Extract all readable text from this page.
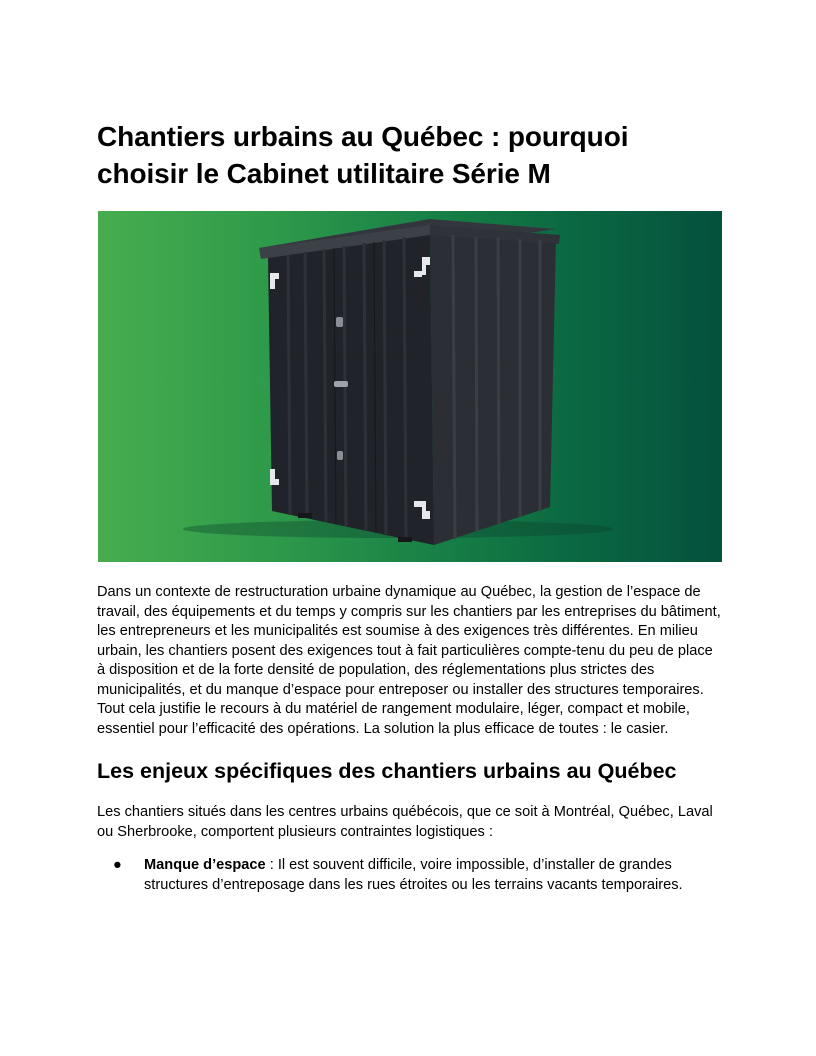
Chantiers urbains au Québec : pourquoi choisir le Cabinet utilitaire Série M

Dans un contexte de restructuration urbaine dynamique au Québec, la gestion de l’espace de travail, des équipements et du temps y compris sur les chantiers par les entreprises du bâtiment, les entrepreneurs et les municipalités est soumise à des exigences très différentes. En milieu urbain, les chantiers posent des exigences tout à fait particulières compte-tenu du peu de place à disposition et de la forte densité de population, des réglementations plus strictes des municipalités, et du manque d’espace pour entreposer ou installer des structures temporaires. Tout cela justifie le recours à du matériel de rangement modulaire, léger, compact et mobile, essentiel pour l’efficacité des opérations. La solution la plus efficace de toutes : le casier.

Les enjeux spécifiques des chantiers urbains au Québec

Les chantiers situés dans les centres urbains québécois, que ce soit à Montréal, Québec, Laval ou Sherbrooke, comportent plusieurs contraintes logistiques :

● Manque d’espace : Il est souvent difficile, voire impossible, d’installer de grandes structures d’entreposage dans les rues étroites ou les terrains vacants temporaires.
